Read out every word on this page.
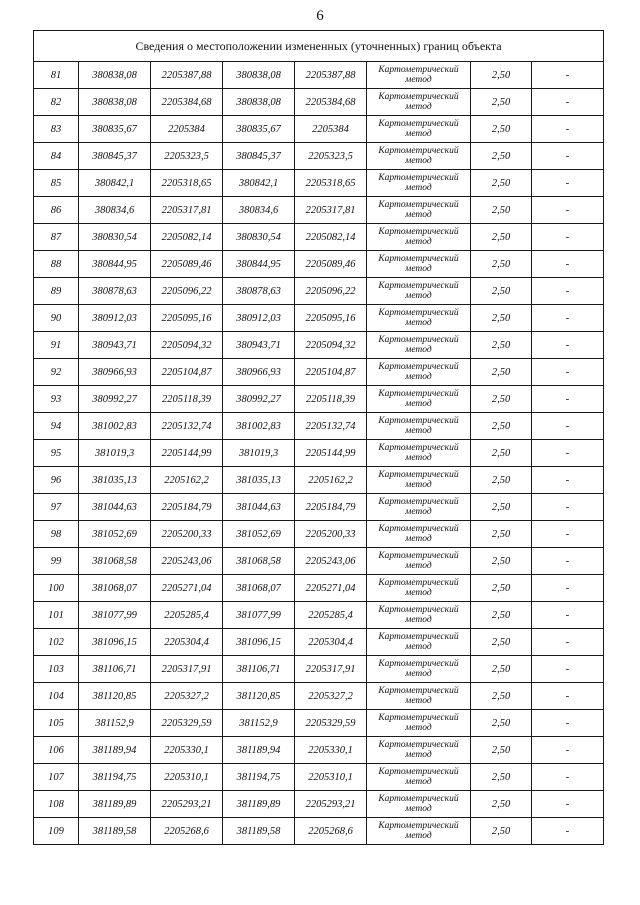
6
Сведения о местоположении измененных (уточненных) границ объекта							
81	380838,08	2205387,88	380838,08	2205387,88	Картометрический метод	2,50	-
82	380838,08	2205384,68	380838,08	2205384,68	Картометрический метод	2,50	-
83	380835,67	2205384	380835,67	2205384	Картометрический метод	2,50	-
84	380845,37	2205323,5	380845,37	2205323,5	Картометрический метод	2,50	-
85	380842,1	2205318,65	380842,1	2205318,65	Картометрический метод	2,50	-
86	380834,6	2205317,81	380834,6	2205317,81	Картометрический метод	2,50	-
87	380830,54	2205082,14	380830,54	2205082,14	Картометрический метод	2,50	-
88	380844,95	2205089,46	380844,95	2205089,46	Картометрический метод	2,50	-
89	380878,63	2205096,22	380878,63	2205096,22	Картометрический метод	2,50	-
90	380912,03	2205095,16	380912,03	2205095,16	Картометрический метод	2,50	-
91	380943,71	2205094,32	380943,71	2205094,32	Картометрический метод	2,50	-
92	380966,93	2205104,87	380966,93	2205104,87	Картометрический метод	2,50	-
93	380992,27	2205118,39	380992,27	2205118,39	Картометрический метод	2,50	-
94	381002,83	2205132,74	381002,83	2205132,74	Картометрический метод	2,50	-
95	381019,3	2205144,99	381019,3	2205144,99	Картометрический метод	2,50	-
96	381035,13	2205162,2	381035,13	2205162,2	Картометрический метод	2,50	-
97	381044,63	2205184,79	381044,63	2205184,79	Картометрический метод	2,50	-
98	381052,69	2205200,33	381052,69	2205200,33	Картометрический метод	2,50	-
99	381068,58	2205243,06	381068,58	2205243,06	Картометрический метод	2,50	-
100	381068,07	2205271,04	381068,07	2205271,04	Картометрический метод	2,50	-
101	381077,99	2205285,4	381077,99	2205285,4	Картометрический метод	2,50	-
102	381096,15	2205304,4	381096,15	2205304,4	Картометрический метод	2,50	-
103	381106,71	2205317,91	381106,71	2205317,91	Картометрический метод	2,50	-
104	381120,85	2205327,2	381120,85	2205327,2	Картометрический метод	2,50	-
105	381152,9	2205329,59	381152,9	2205329,59	Картометрический метод	2,50	-
106	381189,94	2205330,1	381189,94	2205330,1	Картометрический метод	2,50	-
107	381194,75	2205310,1	381194,75	2205310,1	Картометрический метод	2,50	-
108	381189,89	2205293,21	381189,89	2205293,21	Картометрический метод	2,50	-
109	381189,58	2205268,6	381189,58	2205268,6	Картометрический метод	2,50	-
